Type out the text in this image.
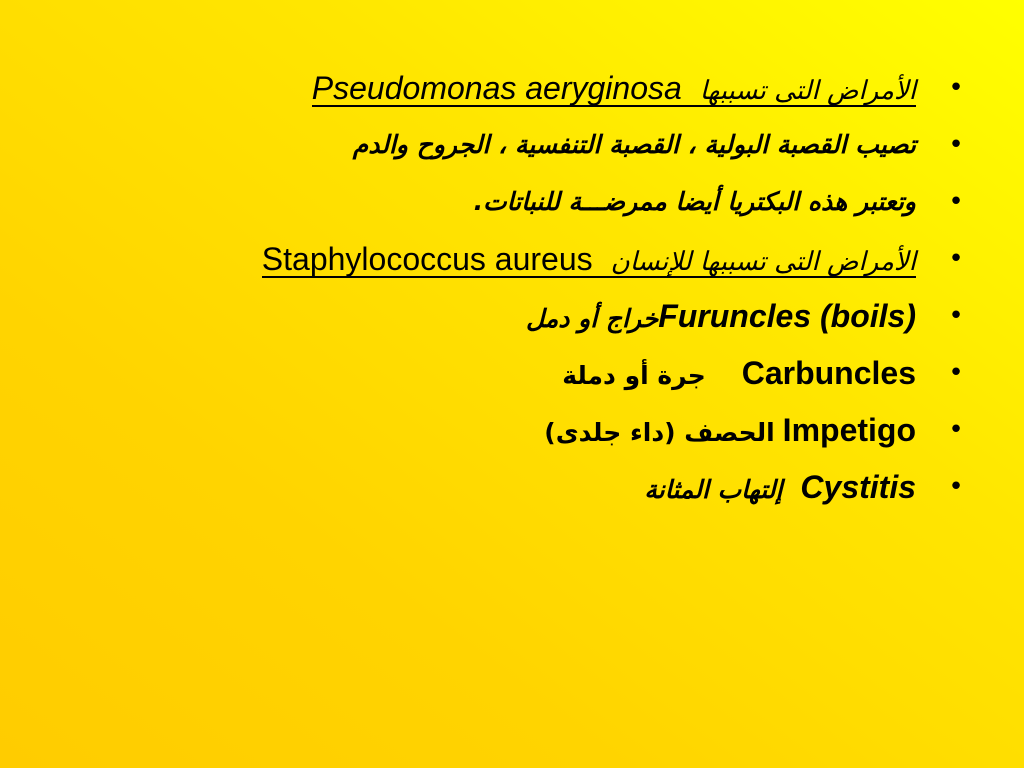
•
الأمراض التى تسببهاPseudomonas aeryginosa
•
تصيب القصبة البولية ، القصبة التنفسية ، الجروح والدم
•
وتعتبر هذه البكتريا أيضا ممرضـــة للنباتات.
•
الأمراض التى تسببها للإنسانStaphylococcus aureus
•
Furuncles (boils)خراج أو دمل
•
Carbunclesجرة أو دملة
•
Impetigoالحصف (داء جلدى)
•
Cystitisإلتهاب المثانة
